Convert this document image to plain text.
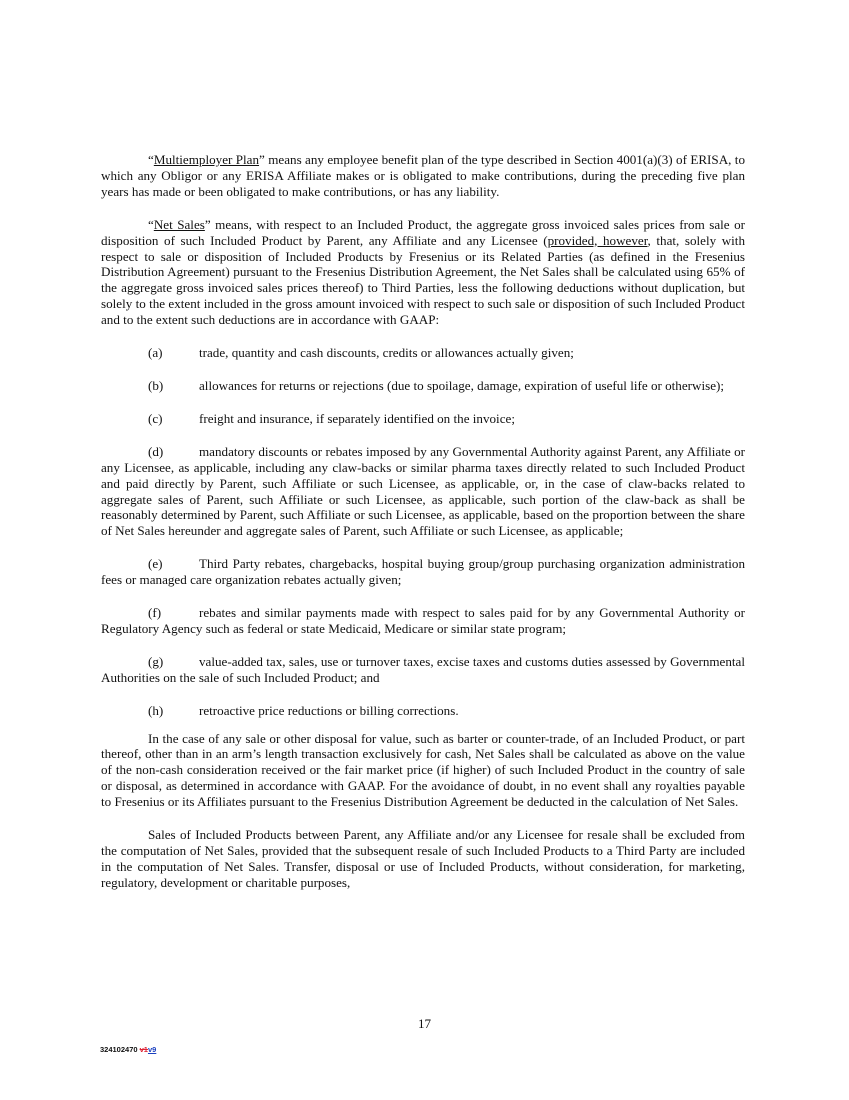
“Multiemployer Plan” means any employee benefit plan of the type described in Section 4001(a)(3) of ERISA, to which any Obligor or any ERISA Affiliate makes or is obligated to make contributions, during the preceding five plan years has made or been obligated to make contributions, or has any liability.

“Net Sales” means, with respect to an Included Product, the aggregate gross invoiced sales prices from sale or disposition of such Included Product by Parent, any Affiliate and any Licensee (provided, however, that, solely with respect to sale or disposition of Included Products by Fresenius or its Related Parties (as defined in the Fresenius Distribution Agreement) pursuant to the Fresenius Distribution Agreement, the Net Sales shall be calculated using 65% of the aggregate gross invoiced sales prices thereof) to Third Parties, less the following deductions without duplication, but solely to the extent included in the gross amount invoiced with respect to such sale or disposition of such Included Product and to the extent such deductions are in accordance with GAAP:

(a)	trade, quantity and cash discounts, credits or allowances actually given;

(b)	allowances for returns or rejections (due to spoilage, damage, expiration of useful life or otherwise);

(c)	freight and insurance, if separately identified on the invoice;

(d)	mandatory discounts or rebates imposed by any Governmental Authority against Parent, any Affiliate or any Licensee, as applicable, including any claw-backs or similar pharma taxes directly related to such Included Product and paid directly by Parent, such Affiliate or such Licensee, as applicable, or, in the case of claw-backs related to aggregate sales of Parent, such Affiliate or such Licensee, as applicable, such portion of the claw-back as shall be reasonably determined by Parent, such Affiliate or such Licensee, as applicable, based on the proportion between the share of Net Sales hereunder and aggregate sales of Parent, such Affiliate or such Licensee, as applicable;

(e)	Third Party rebates, chargebacks, hospital buying group/group purchasing organization administration fees or managed care organization rebates actually given;

(f)	rebates and similar payments made with respect to sales paid for by any Governmental Authority or Regulatory Agency such as federal or state Medicaid, Medicare or similar state program;

(g)	value-added tax, sales, use or turnover taxes, excise taxes and customs duties assessed by Governmental Authorities on the sale of such Included Product; and

(h)	retroactive price reductions or billing corrections.

In the case of any sale or other disposal for value, such as barter or counter-trade, of an Included Product, or part thereof, other than in an arm’s length transaction exclusively for cash, Net Sales shall be calculated as above on the value of the non-cash consideration received or the fair market price (if higher) of such Included Product in the country of sale or disposal, as determined in accordance with GAAP. For the avoidance of doubt, in no event shall any royalties payable to Fresenius or its Affiliates pursuant to the Fresenius Distribution Agreement be deducted in the calculation of Net Sales.

Sales of Included Products between Parent, any Affiliate and/or any Licensee for resale shall be excluded from the computation of Net Sales, provided that the subsequent resale of such Included Products to a Third Party are included in the computation of Net Sales. Transfer, disposal or use of Included Products, without consideration, for marketing, regulatory, development or charitable purposes,

17
324102470 v1v9
